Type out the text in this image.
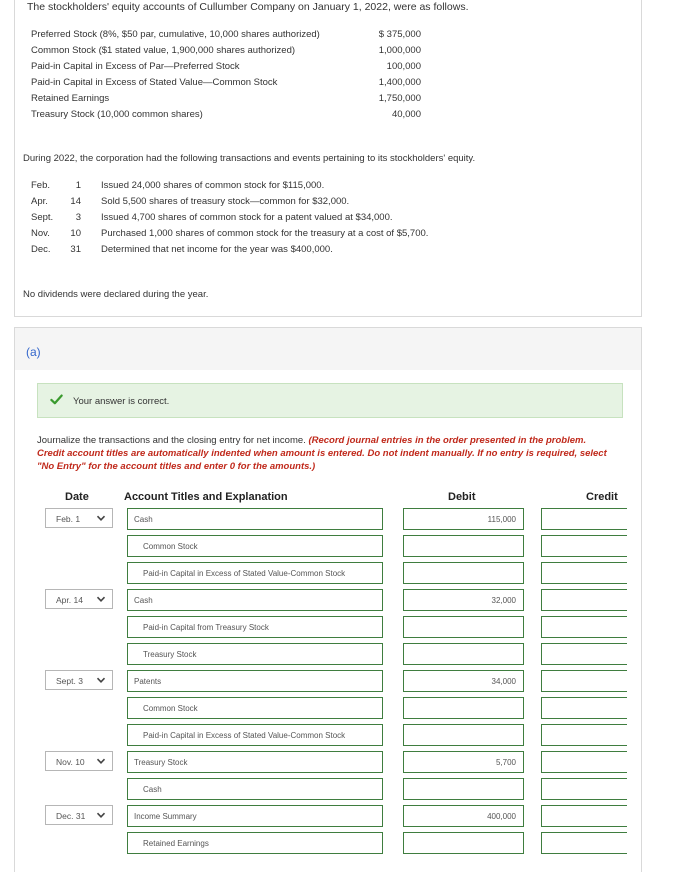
The stockholders' equity accounts of Cullumber Company on January 1, 2022, were as follows.
Preferred Stock (8%, $50 par, cumulative, 10,000 shares authorized)	$ 375,000
Common Stock ($1 stated value, 1,900,000 shares authorized)	1,000,000
Paid-in Capital in Excess of Par—Preferred Stock	100,000
Paid-in Capital in Excess of Stated Value—Common Stock	1,400,000
Retained Earnings	1,750,000
Treasury Stock (10,000 common shares)	40,000
During 2022, the corporation had the following transactions and events pertaining to its stockholders' equity.
Feb.	1 Issued 24,000 shares of common stock for $115,000.
Apr.	14 Sold 5,500 shares of treasury stock—common for $32,000.
Sept.	3 Issued 4,700 shares of common stock for a patent valued at $34,000.
Nov.	10 Purchased 1,000 shares of common stock for the treasury at a cost of $5,700.
Dec.	31 Determined that net income for the year was $400,000.
No dividends were declared during the year.
(a)
Your answer is correct.
Journalize the transactions and the closing entry for net income. (Record journal entries in the order presented in the problem. Credit account titles are automatically indented when amount is entered. Do not indent manually. If no entry is required, select "No Entry" for the account titles and enter 0 for the amounts.)
Date	Account Titles and Explanation	Debit	Credit
Feb. 1	Cash	115,000
Common Stock
Paid-in Capital in Excess of Stated Value-Common Stock
Apr. 14	Cash	32,000
Paid-in Capital from Treasury Stock
Treasury Stock
Sept. 3	Patents	34,000
Common Stock
Paid-in Capital in Excess of Stated Value-Common Stock
Nov. 10	Treasury Stock	5,700
Cash
Dec. 31	Income Summary	400,000
Retained Earnings
